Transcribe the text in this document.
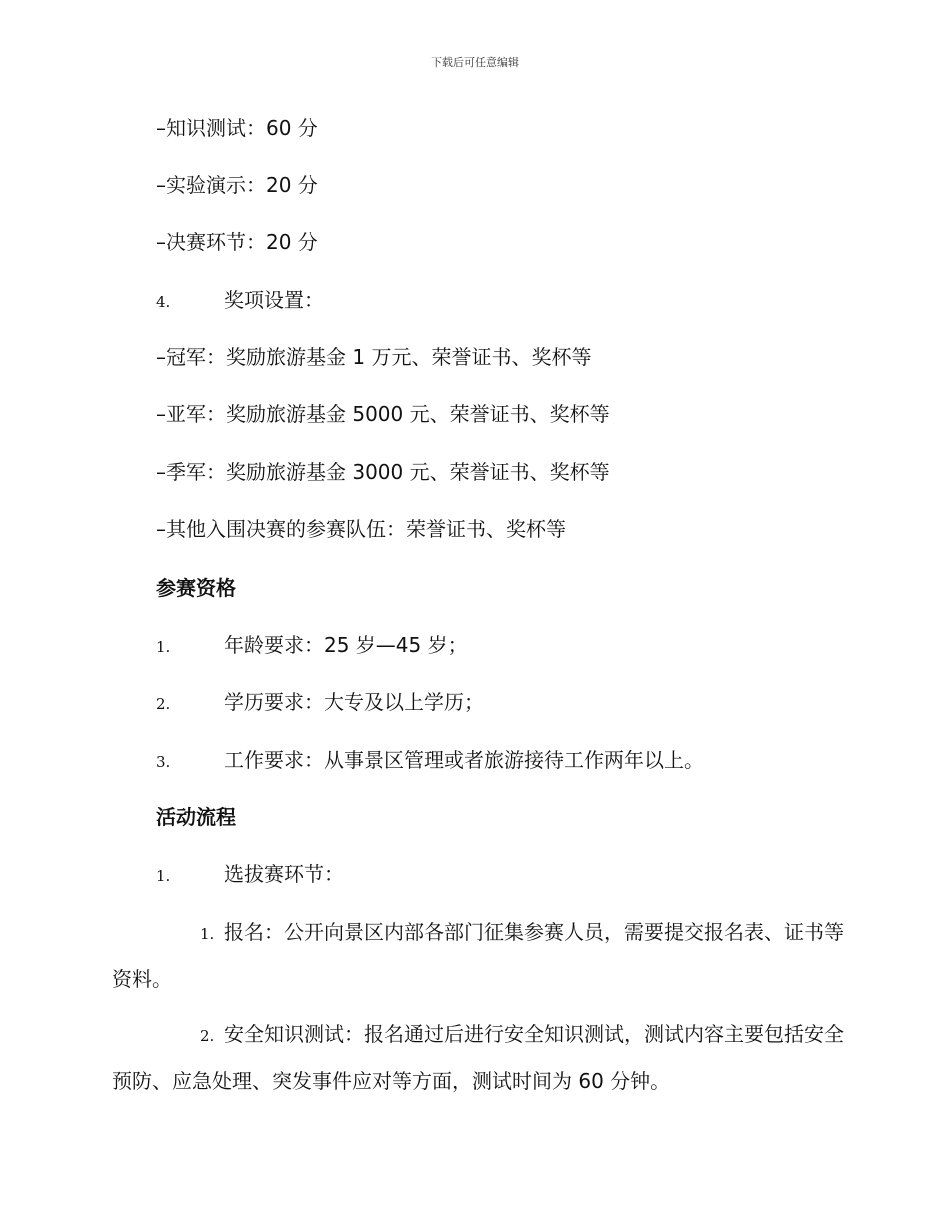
下载后可任意编辑
–知识测试：60 分
–实验演示：20 分
–决赛环节：20 分
4.	奖项设置：
–冠军：奖励旅游基金 1 万元、荣誉证书、奖杯等
–亚军：奖励旅游基金 5000 元、荣誉证书、奖杯等
–季军：奖励旅游基金 3000 元、荣誉证书、奖杯等
–其他入围决赛的参赛队伍：荣誉证书、奖杯等
参赛资格
1.	年龄要求：25 岁—45 岁；
2.	学历要求：大专及以上学历；
3.	工作要求：从事景区管理或者旅游接待工作两年以上。
活动流程
1.	选拔赛环节：
1. 报名：公开向景区内部各部门征集参赛人员，需要提交报名表、证书等资料。
2. 安全知识测试：报名通过后进行安全知识测试，测试内容主要包括安全预防、应急处理、突发事件应对等方面，测试时间为 60 分钟。
